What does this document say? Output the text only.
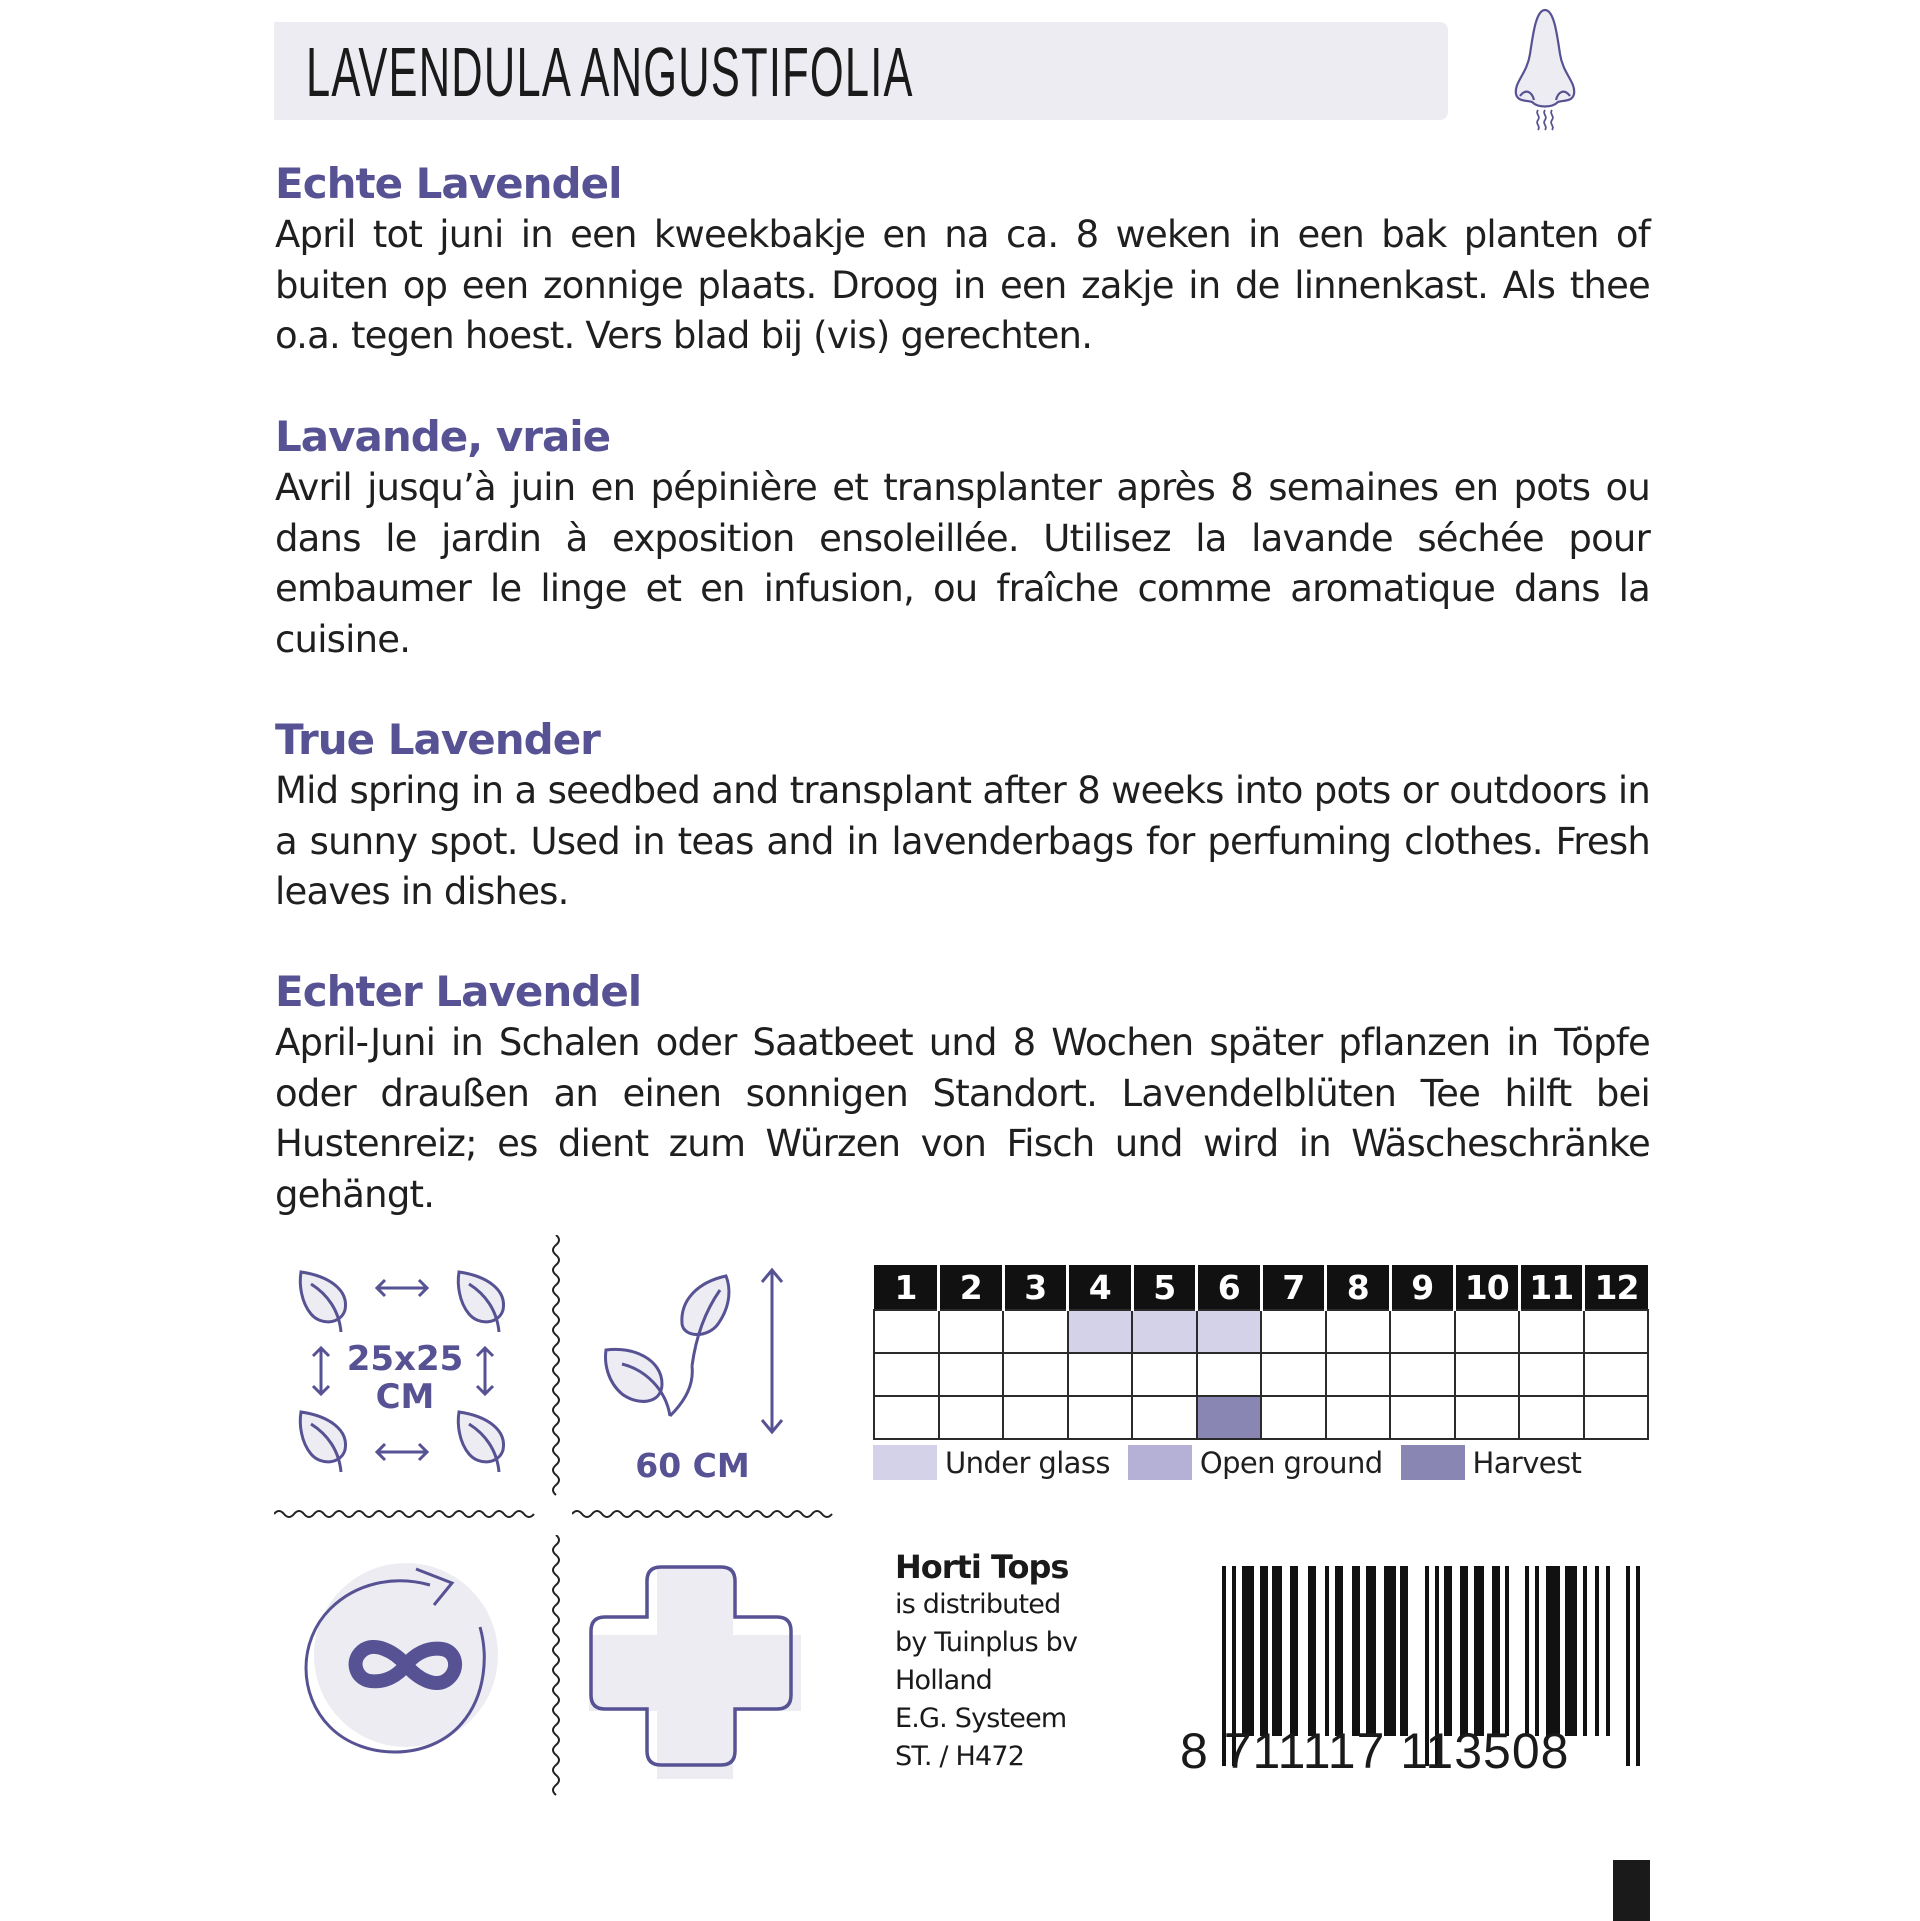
LAVENDULA ANGUSTIFOLIA
Echte Lavendel

April tot juni in een kweekbakje en na ca. 8 weken in een bak planten of buiten op een zonnige plaats. Droog in een zakje in de linnenkast. Als thee o.a. tegen hoest. Vers blad bij (vis) gerechten.

Lavande, vraie

Avril jusqu’à juin en pépinière et transplanter après 8 semaines en pots ou dans le jardin à exposition ensoleillée. Utilisez la lavande séchée pour embaumer le linge et en infusion, ou fraîche comme aromatique dans la cuisine.

True Lavender

Mid spring in a seedbed and transplant after 8 weeks into pots or outdoors in a sunny spot. Used in teas and in lavenderbags for perfuming clothes. Fresh leaves in dishes.

Echter Lavendel

April-Juni in Schalen oder Saatbeet und 8 Wochen später pflanzen in Töpfe oder draußen an einen sonnigen Standort. Lavendelblüten Tee hilft bei Hustenreiz; es dient zum Würzen von Fisch und wird in Wäscheschränke gehängt.

25x25
CM
60 CM
1	2	3	4	5	6	7	8	9	10	11	12

Under glass	Open ground	Harvest
Horti Tops
is distributed
by Tuinplus bv
Holland
E.G. Systeem
ST. / H472	8 711117 113508
